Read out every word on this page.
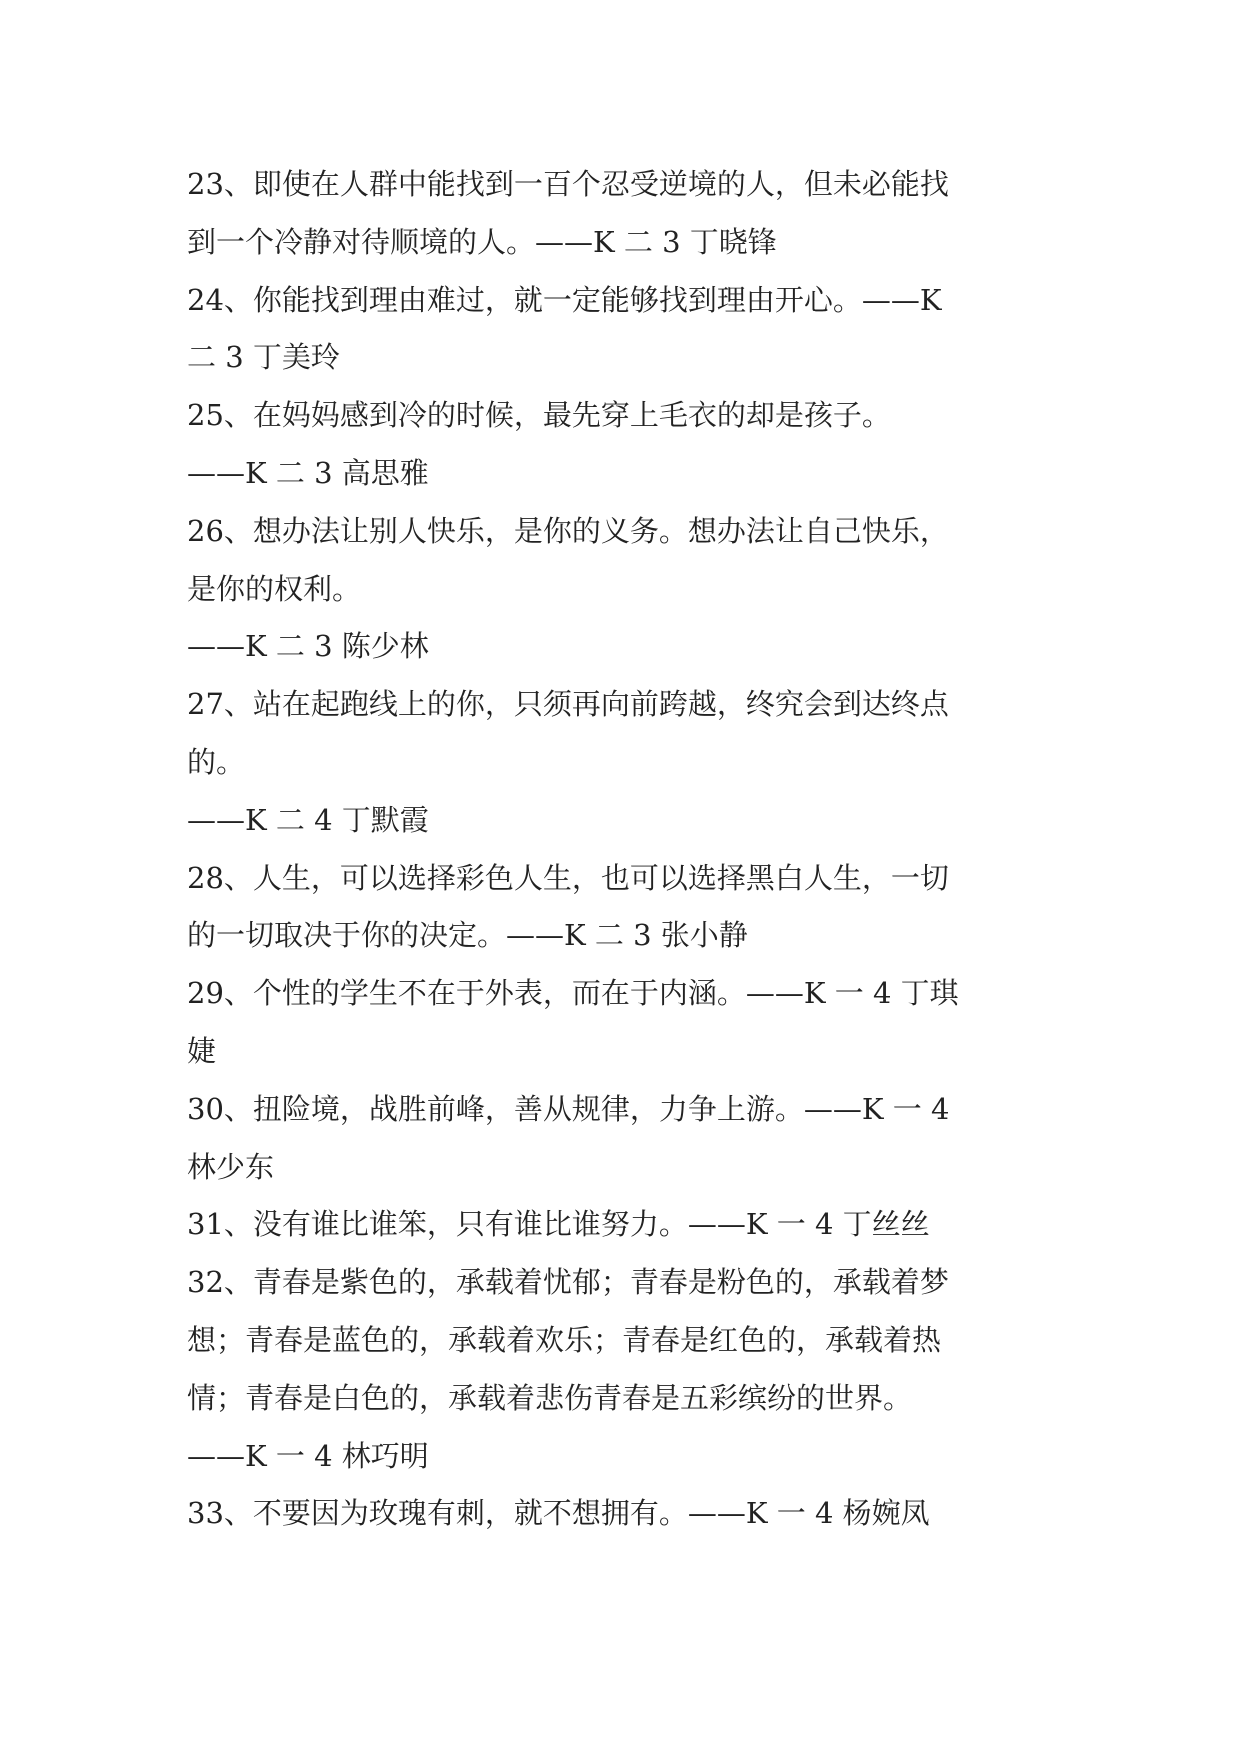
23、即使在人群中能找到一百个忍受逆境的人，但未必能找
到一个冷静对待顺境的人。——K 二 3 丁晓锋
24、你能找到理由难过，就一定能够找到理由开心。——K
二 3 丁美玲
25、在妈妈感到冷的时候，最先穿上毛衣的却是孩子。
——K 二 3 高思雅
26、想办法让别人快乐，是你的义务。想办法让自己快乐，
是你的权利。
——K 二 3 陈少林
27、站在起跑线上的你，只须再向前跨越，终究会到达终点
的。
——K 二 4 丁默霞
28、人生，可以选择彩色人生，也可以选择黑白人生，一切
的一切取决于你的决定。——K 二 3 张小静
29、个性的学生不在于外表，而在于内涵。——K 一 4 丁琪
婕
30、扭险境，战胜前峰，善从规律，力争上游。——K 一 4
林少东
31、没有谁比谁笨，只有谁比谁努力。——K 一 4 丁丝丝
32、青春是紫色的，承载着忧郁；青春是粉色的，承载着梦
想；青春是蓝色的，承载着欢乐；青春是红色的，承载着热
情；青春是白色的，承载着悲伤青春是五彩缤纷的世界。
——K 一 4 林巧明
33、不要因为玫瑰有刺，就不想拥有。——K 一 4 杨婉凤
